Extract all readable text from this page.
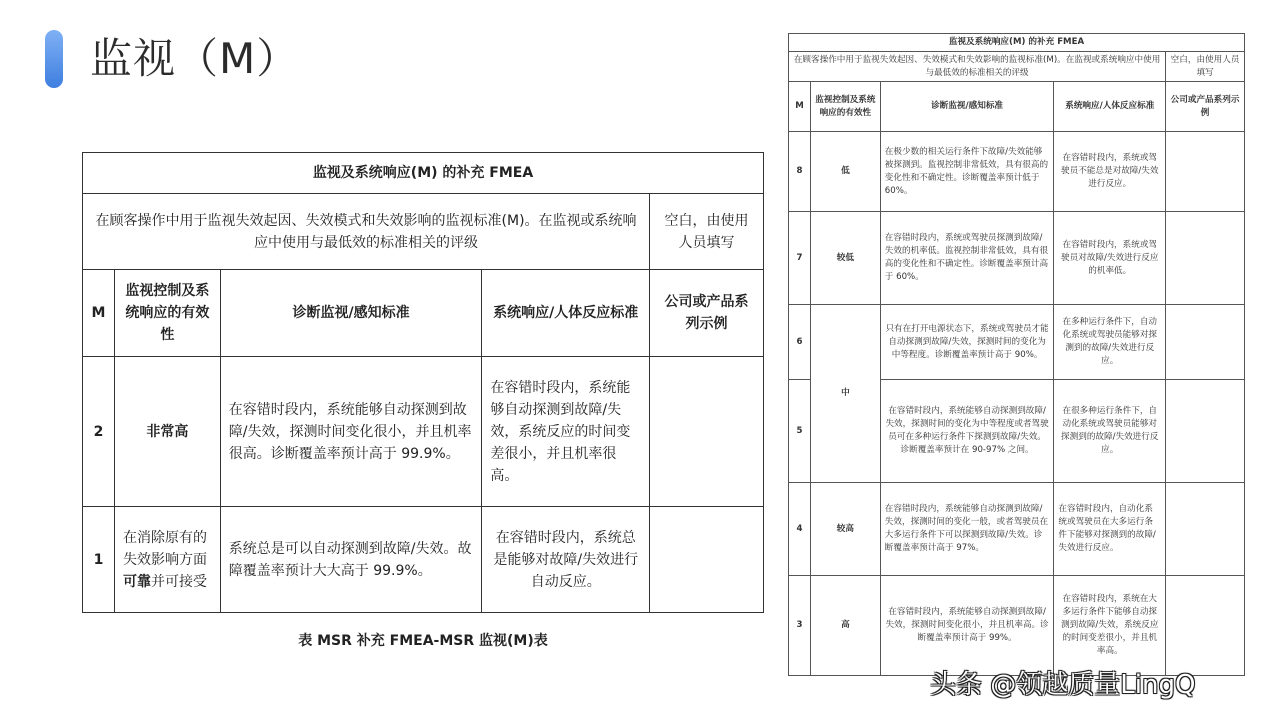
监视（M）
监视及系统响应(M) 的补充 FMEA				
在顾客操作中用于监视失效起因、失效模式和失效影响的监视标准(M)。在监视或系统响应中使用与最低效的标准相关的评级				空白，由使用人员填写
M	监视控制及系统响应的有效性	诊断监视/感知标准	系统响应/人体反应标准	公司或产品系列示例
2	非常高	在容错时段内，系统能够自动探测到故障/失效，探测时间变化很小，并且机率很高。诊断覆盖率预计高于 99.9%。	在容错时段内，系统能够自动探测到故障/失效，系统反应的时间变差很小，并且机率很高。	
1	在消除原有的失效影响方面可靠并可接受	系统总是可以自动探测到故障/失效。故障覆盖率预计大大高于 99.9%。	在容错时段内，系统总是能够对故障/失效进行自动反应。	
表 MSR 补充 FMEA-MSR 监视(M)表
监视及系统响应(M) 的补充 FMEA				
在顾客操作中用于监视失效起因、失效模式和失效影响的监视标准(M)。在监视或系统响应中使用与最低效的标准相关的评级				空白，由使用人员填写
M	监视控制及系统响应的有效性	诊断监视/感知标准	系统响应/人体反应标准	公司或产品系列示例
8	低	在极少数的相关运行条件下故障/失效能够被探测到。监视控制非常低效，具有很高的变化性和不确定性。诊断覆盖率预计低于 60%。	在容错时段内，系统或驾驶员不能总是对故障/失效进行反应。	
7	较低	在容错时段内，系统或驾驶员探测到故障/失效的机率低。监视控制非常低效，具有很高的变化性和不确定性。诊断覆盖率预计高于 60%。	在容错时段内，系统或驾驶员对故障/失效进行反应的机率低。	
6	中	只有在打开电源状态下，系统或驾驶员才能自动探测到故障/失效，探测时间的变化为中等程度。诊断覆盖率预计高于 90%。	在多种运行条件下，自动化系统或驾驶员能够对探测到的故障/失效进行反应。	
5		在容错时段内，系统能够自动探测到故障/失效，探测时间的变化为中等程度或者驾驶员可在多种运行条件下探测到故障/失效。诊断覆盖率预计在 90-97% 之间。	在很多种运行条件下，自动化系统或驾驶员能够对探测到的故障/失效进行反应。	
4	较高	在容错时段内，系统能够自动探测到故障/失效，探测时间的变化一般，或者驾驶员在大多运行条件下可以探测到故障/失效。诊断覆盖率预计高于 97%。	在容错时段内，自动化系统或驾驶员在大多运行条件下能够对探测到的故障/失效进行反应。	
3	高	在容错时段内，系统能够自动探测到故障/失效，探测时间变化很小，并且机率高。诊断覆盖率预计高于 99%。	在容错时段内，系统在大多运行条件下能够自动探测到故障/失效，系统反应的时间变差很小，并且机率高。	
头条 @领越质量LingQ
